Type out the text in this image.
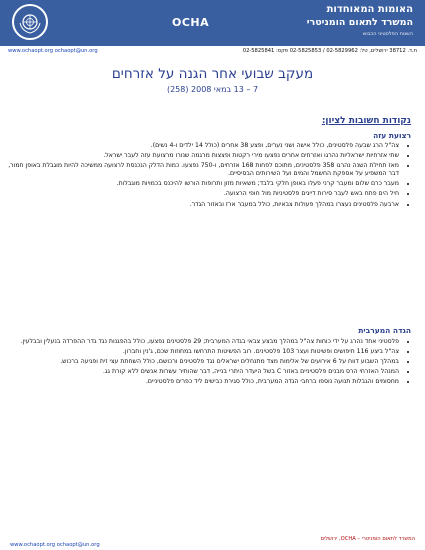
האומות המאוחדות
המשרד לתאום הומניטרי
OCHA
השטח הפלסטיני הכבוש
ת.ד. 38712 ירושלים, טל: 02-5829962 / 02-5825853 פקס: 02-5825841
www.ochaopt.org ochaopt@un.org
מעקב שבועי אחר הגנה על אזרחים
7 – 13 במאי 2008 (258)
נקודות חשובות לציון:
רצועת עזה
• צה"ל הרג שבעה פלסטינים, כולל אישה ושני נערים, ופצע 38 אחרים (כולל 14 ילדים ו-4 נשים).
• שתי אזרחיות ישראליות נהרגו ואזרחים אחרים נפצעו מירי רקטות ופצצות מרגמה שנורו מרצועת עזה לעבר ישראל.
• מאז תחילת השנה נהרגו 358 פלסטינים, מתוכם לפחות 168 אזרחים, ו-750 נפצעו. כמות הדלק הנכנסת לרצועה ממשיכה להיות מוגבלת באופן חמור, דבר המשפיע על אספקת החשמל והמים ועל השירותים הבסיסיים.
• מעבר כרם שלום ומעבר קרני פעלו באופן חלקי בלבד; משאיות מזון ותרופות הורשו להיכנס בכמויות מוגבלות.
• חיל הים פתח באש לעבר סירות דייגים פלסטיניות מול חופי הרצועה.
• ארבעה פלסטינים נעצרו במהלך פעולות צבאיות, כולל במעבר ארז ובאזור הגדר.
הגדה המערבית
• פלסטיני אחד נהרג על ידי כוחות צה"ל במהלך מבצע צבאי בגדה המערבית; 29 פלסטינים נפצעו, כולל בהפגנות נגד גדר ההפרדה בנעלין ובבלעין.
• צה"ל ביצע 116 חיפושים ופשיטות ועצר 103 פלסטינים. רוב הפשיטות התרחשו במחוזות שכם, ג'נין וחברון.
• במהלך השבוע דווח על 6 אירועים של אלימות מצד מתנחלים ישראלים נגד פלסטינים ורכושם, כולל השחתת עצי זית ופגיעה ברכוש.
• המנהל האזרחי הרס מבנים פלסטיניים באזור C בשל היעדר היתרי בנייה, דבר שהותיר עשרות אנשים ללא קורת גג.
• מחסומים והגבלות תנועה נוספו ברחבי הגדה המערבית, כולל סגירת כבישים ליד כפרים פלסטיניים.
המשרד לתאום הומניטרי – OCHA, ירושלים
www.ochaopt.org ochaopt@un.org
